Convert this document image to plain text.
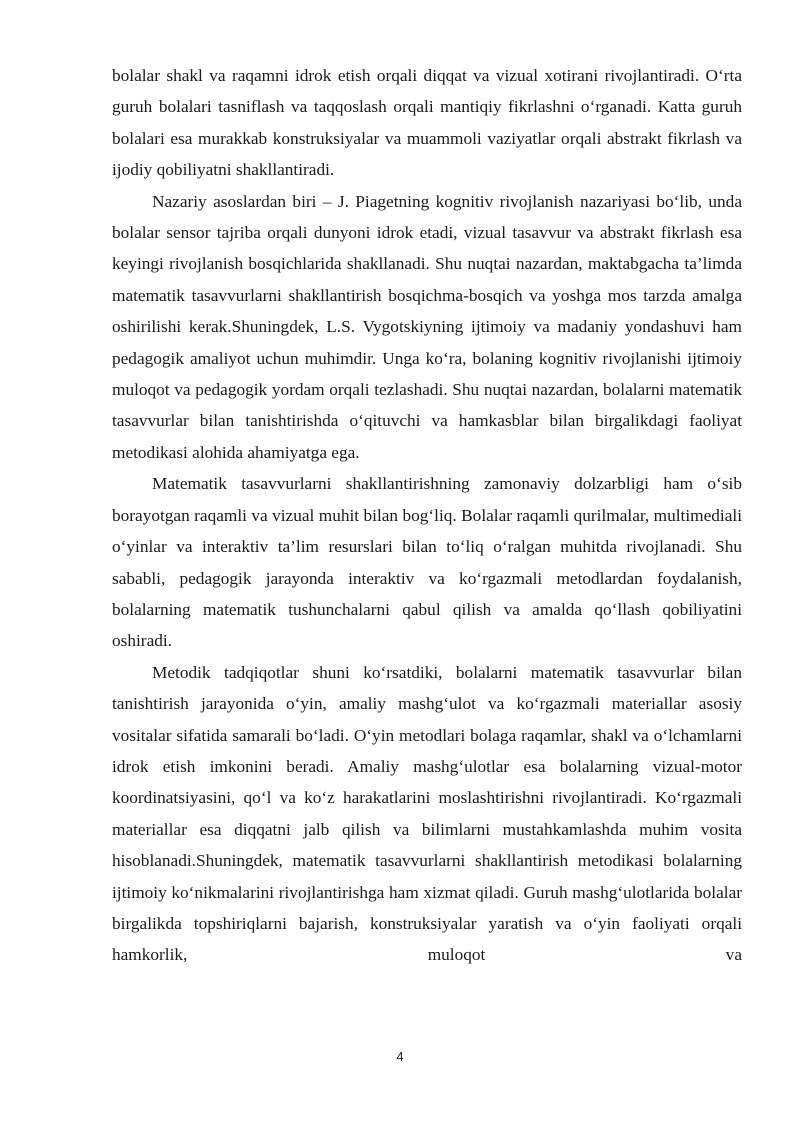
bolalar shakl va raqamni idrok etish orqali diqqat va vizual xotirani rivojlantiradi. O‘rta guruh bolalari tasniflash va taqqoslash orqali mantiqiy fikrlashni o‘rganadi. Katta guruh bolalari esa murakkab konstruksiyalar va muammoli vaziyatlar orqali abstrakt fikrlash va ijodiy qobiliyatni shakllantiradi.

Nazariy asoslardan biri – J. Piagetning kognitiv rivojlanish nazariyasi bo‘lib, unda bolalar sensor tajriba orqali dunyoni idrok etadi, vizual tasavvur va abstrakt fikrlash esa keyingi rivojlanish bosqichlarida shakllanadi. Shu nuqtai nazardan, maktabgacha ta’limda matematik tasavvurlarni shakllantirish bosqichma-bosqich va yoshga mos tarzda amalga oshirilishi kerak.Shuningdek, L.S. Vygotskiyning ijtimoiy va madaniy yondashuvi ham pedagogik amaliyot uchun muhimdir. Unga ko‘ra, bolaning kognitiv rivojlanishi ijtimoiy muloqot va pedagogik yordam orqali tezlashadi. Shu nuqtai nazardan, bolalarni matematik tasavvurlar bilan tanishtirishda o‘qituvchi va hamkasblar bilan birgalikdagi faoliyat metodikasi alohida ahamiyatga ega.

Matematik tasavvurlarni shakllantirishning zamonaviy dolzarbligi ham o‘sib borayotgan raqamli va vizual muhit bilan bog‘liq. Bolalar raqamli qurilmalar, multimediali o‘yinlar va interaktiv ta’lim resurslari bilan to‘liq o‘ralgan muhitda rivojlanadi. Shu sababli, pedagogik jarayonda interaktiv va ko‘rgazmali metodlardan foydalanish, bolalarning matematik tushunchalarni qabul qilish va amalda qo‘llash qobiliyatini oshiradi.

Metodik tadqiqotlar shuni ko‘rsatdiki, bolalarni matematik tasavvurlar bilan tanishtirish jarayonida o‘yin, amaliy mashg‘ulot va ko‘rgazmali materiallar asosiy vositalar sifatida samarali bo‘ladi. O‘yin metodlari bolaga raqamlar, shakl va o‘lchamlarni idrok etish imkonini beradi. Amaliy mashg‘ulotlar esa bolalarning vizual-motor koordinatsiyasini, qo‘l va ko‘z harakatlarini moslashtirishni rivojlantiradi. Ko‘rgazmali materiallar esa diqqatni jalb qilish va bilimlarni mustahkamlashda muhim vosita hisoblanadi.Shuningdek, matematik tasavvurlarni shakllantirish metodikasi bolalarning ijtimoiy ko‘nikmalarini rivojlantirishga ham xizmat qiladi. Guruh mashg‘ulotlarida bolalar birgalikda topshiriqlarni bajarish, konstruksiyalar yaratish va o‘yin faoliyati orqali hamkorlik, muloqot va

4
